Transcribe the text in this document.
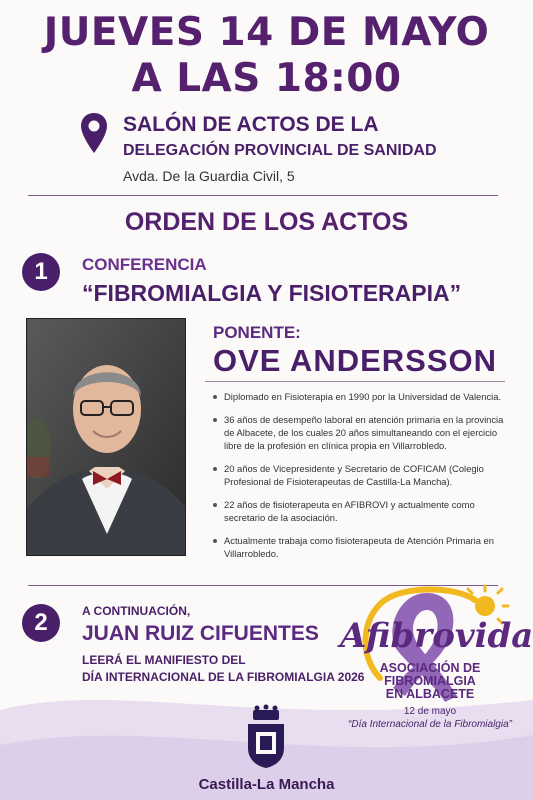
JUEVES 14 DE MAYO
A LAS 18:00
SALÓN DE ACTOS DE LA
DELEGACIÓN PROVINCIAL DE SANIDAD
Avda. De la Guardia Civil, 5
ORDEN DE LOS ACTOS
1	CONFERENCIA
“FIBROMIALGIA Y FISIOTERAPIA”
PONENTE:
OVE ANDERSSON
Diplomado en Fisioterapia en 1990 por la Universidad de Valencia.
36 años de desempeño laboral en atención primaria en la provincia de Albacete, de los cuales 20 años simultaneando con el ejercicio libre de la profesión en clínica propia en Villarrobledo.
20 años de Vicepresidente y Secretario de COFICAM (Colegio Profesional de Fisioterapeutas de Castilla-La Mancha).
22 años de fisioterapeuta en AFIBROVI y actualmente como secretario de la asociación.
Actualmente trabaja como fisioterapeuta de Atención Primaria en Villarrobledo.
2	A CONTINUACIÓN,
JUAN RUIZ CIFUENTES
LEERÁ EL MANIFIESTO DEL
DÍA INTERNACIONAL DE LA FIBROMIALGIA 2026
Afibrovida
ASOCIACIÓN DE
FIBROMIALGIA
EN ALBACETE
12 de mayo
“Día Internacional de la Fibromialgia”
Castilla-La Mancha
